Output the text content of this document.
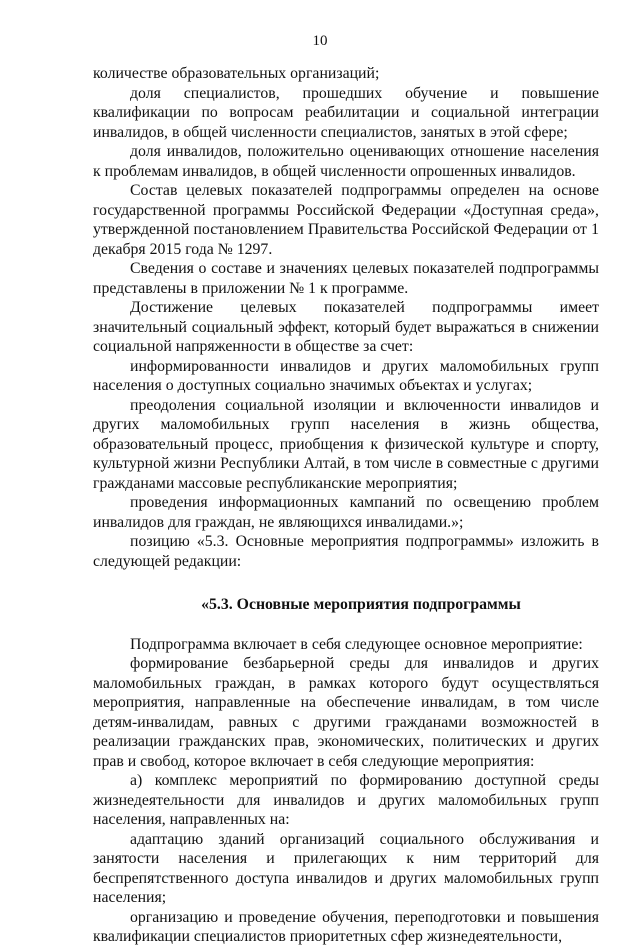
10

количестве образовательных организаций;

доля специалистов, прошедших обучение и повышение квалификации по вопросам реабилитации и социальной интеграции инвалидов, в общей численности специалистов, занятых в этой сфере;

доля инвалидов, положительно оценивающих отношение населения к проблемам инвалидов, в общей численности опрошенных инвалидов.

Состав целевых показателей подпрограммы определен на основе государственной программы Российской Федерации «Доступная среда», утвержденной постановлением Правительства Российской Федерации от 1 декабря 2015 года № 1297.

Сведения о составе и значениях целевых показателей подпрограммы представлены в приложении № 1 к программе.

Достижение целевых показателей подпрограммы имеет значительный социальный эффект, который будет выражаться в снижении социальной напряженности в обществе за счет:

информированности инвалидов и других маломобильных групп населения о доступных социально значимых объектах и услугах;

преодоления социальной изоляции и включенности инвалидов и других маломобильных групп населения в жизнь общества, образовательный процесс, приобщения к физической культуре и спорту, культурной жизни Республики Алтай, в том числе в совместные с другими гражданами массовые республиканские мероприятия;

проведения информационных кампаний по освещению проблем инвалидов для граждан, не являющихся инвалидами.»;

позицию «5.3. Основные мероприятия подпрограммы» изложить в следующей редакции:

«5.3. Основные мероприятия подпрограммы

Подпрограмма включает в себя следующее основное мероприятие:

формирование безбарьерной среды для инвалидов и других маломобильных граждан, в рамках которого будут осуществляться мероприятия, направленные на обеспечение инвалидам, в том числе детям-инвалидам, равных с другими гражданами возможностей в реализации гражданских прав, экономических, политических и других прав и свобод, которое включает в себя следующие мероприятия:

а) комплекс мероприятий по формированию доступной среды жизнедеятельности для инвалидов и других маломобильных групп населения, направленных на:

адаптацию зданий организаций социального обслуживания и занятости населения и прилегающих к ним территорий для беспрепятственного доступа инвалидов и других маломобильных групп населения;

организацию и проведение обучения, переподготовки и повышения квалификации специалистов приоритетных сфер жизнедеятельности,
